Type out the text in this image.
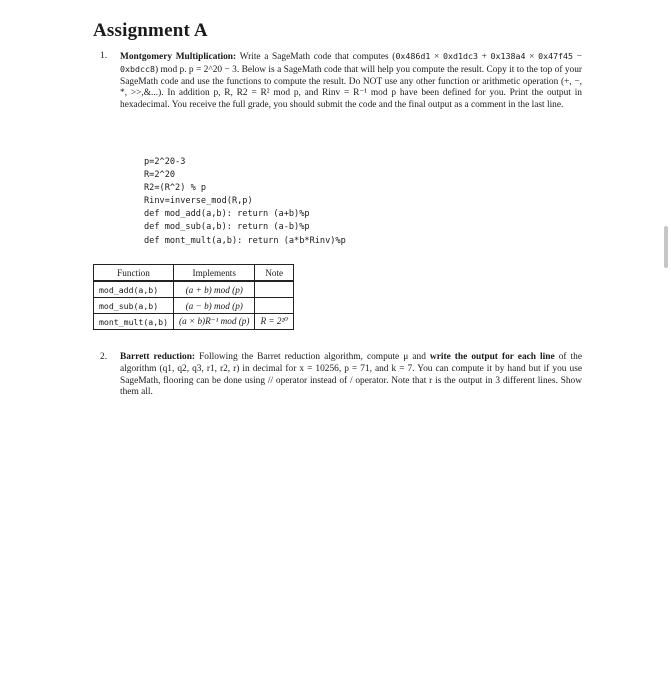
Assignment A
1. Montgomery Multiplication: Write a SageMath code that computes (0x486d1 × 0xd1dc3 + 0x138a4 × 0x47f45 − 0xbdcc8) mod p. p = 2^20 − 3. Below is a SageMath code that will help you compute the result. Copy it to the top of your SageMath code and use the functions to compute the result. Do NOT use any other function or arithmetic operation (+, −, *, >>,&...). In addition p, R, R2 = R² mod p, and Rinv = R⁻¹ mod p have been defined for you. Print the output in hexadecimal. You receive the full grade, you should submit the code and the final output as a comment in the last line.
p=2^20-3
R=2^20
R2=(R^2) % p
Rinv=inverse_mod(R,p)
def mod_add(a,b): return (a+b)%p
def mod_sub(a,b): return (a-b)%p
def mont_mult(a,b): return (a*b*Rinv)%p
Function	Implements	Note
mod_add(a,b)	(a + b) mod (p)	
mod_sub(a,b)	(a − b) mod (p)	
mont_mult(a,b)	(a × b)R⁻¹ mod (p)	R = 2²⁰
2. Barrett reduction: Following the Barret reduction algorithm, compute μ and write the output for each line of the algorithm (q1, q2, q3, r1, r2, r) in decimal for x = 10256, p = 71, and k = 7. You can compute it by hand but if you use SageMath, flooring can be done using // operator instead of / operator. Note that r is the output in 3 different lines. Show them all.
